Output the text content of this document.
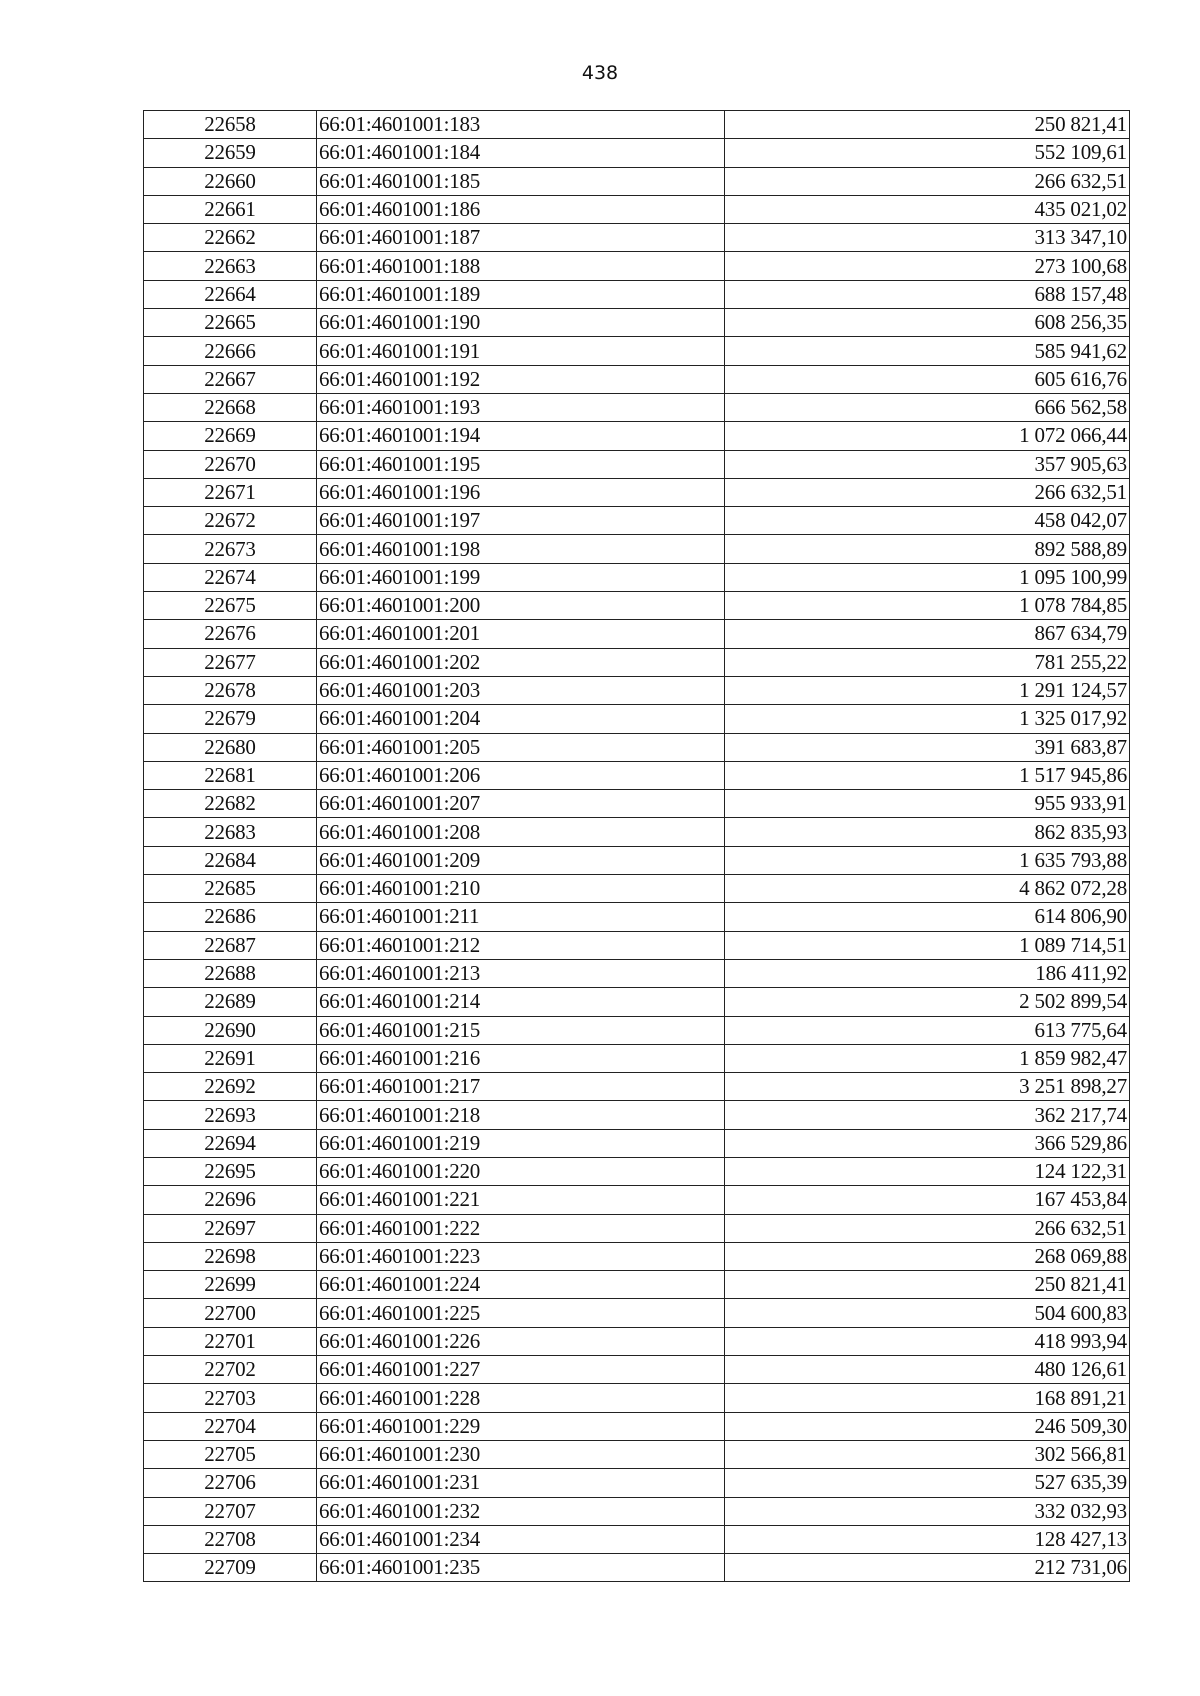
438
22658	66:01:4601001:183	250 821,41
22659	66:01:4601001:184	552 109,61
22660	66:01:4601001:185	266 632,51
22661	66:01:4601001:186	435 021,02
22662	66:01:4601001:187	313 347,10
22663	66:01:4601001:188	273 100,68
22664	66:01:4601001:189	688 157,48
22665	66:01:4601001:190	608 256,35
22666	66:01:4601001:191	585 941,62
22667	66:01:4601001:192	605 616,76
22668	66:01:4601001:193	666 562,58
22669	66:01:4601001:194	1 072 066,44
22670	66:01:4601001:195	357 905,63
22671	66:01:4601001:196	266 632,51
22672	66:01:4601001:197	458 042,07
22673	66:01:4601001:198	892 588,89
22674	66:01:4601001:199	1 095 100,99
22675	66:01:4601001:200	1 078 784,85
22676	66:01:4601001:201	867 634,79
22677	66:01:4601001:202	781 255,22
22678	66:01:4601001:203	1 291 124,57
22679	66:01:4601001:204	1 325 017,92
22680	66:01:4601001:205	391 683,87
22681	66:01:4601001:206	1 517 945,86
22682	66:01:4601001:207	955 933,91
22683	66:01:4601001:208	862 835,93
22684	66:01:4601001:209	1 635 793,88
22685	66:01:4601001:210	4 862 072,28
22686	66:01:4601001:211	614 806,90
22687	66:01:4601001:212	1 089 714,51
22688	66:01:4601001:213	186 411,92
22689	66:01:4601001:214	2 502 899,54
22690	66:01:4601001:215	613 775,64
22691	66:01:4601001:216	1 859 982,47
22692	66:01:4601001:217	3 251 898,27
22693	66:01:4601001:218	362 217,74
22694	66:01:4601001:219	366 529,86
22695	66:01:4601001:220	124 122,31
22696	66:01:4601001:221	167 453,84
22697	66:01:4601001:222	266 632,51
22698	66:01:4601001:223	268 069,88
22699	66:01:4601001:224	250 821,41
22700	66:01:4601001:225	504 600,83
22701	66:01:4601001:226	418 993,94
22702	66:01:4601001:227	480 126,61
22703	66:01:4601001:228	168 891,21
22704	66:01:4601001:229	246 509,30
22705	66:01:4601001:230	302 566,81
22706	66:01:4601001:231	527 635,39
22707	66:01:4601001:232	332 032,93
22708	66:01:4601001:234	128 427,13
22709	66:01:4601001:235	212 731,06
